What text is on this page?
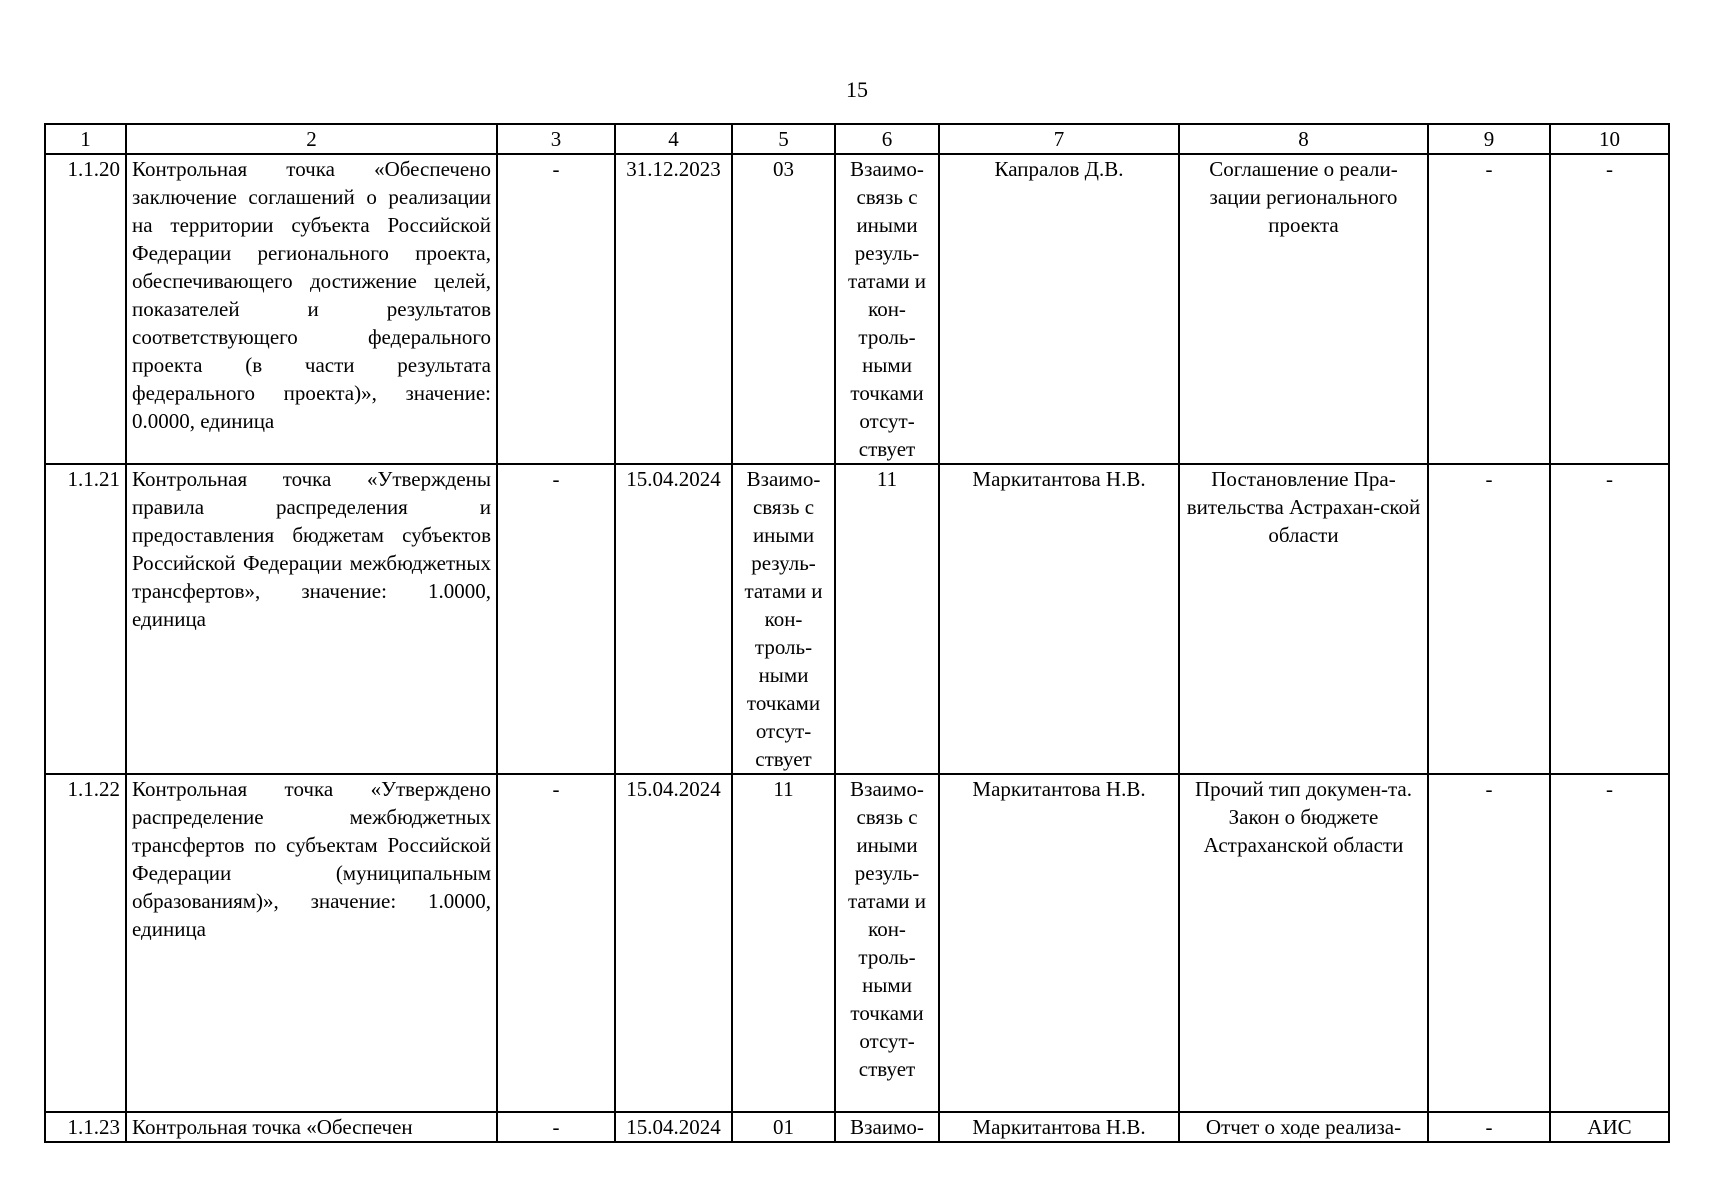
15
1	2	3	4	5	6	7	8	9	10
1.1.20	Контрольная точка «Обеспечено заключение соглашений о реализации на территории субъекта Российской Федерации регионального проекта, обеспечивающего достижение целей, показателей и результатов соответствующего федерального проекта (в части результата федерального проекта)», значение: 0.0000, единица	-	31.12.2023	03	Взаимо-связь с иными резуль-татами и кон-троль-ными точками отсут-ствует	Капралов Д.В.	Соглашение о реали-зации регионального проекта	-	-
1.1.21	Контрольная точка «Утверждены правила распределения и предоставления бюджетам субъектов Российской Федерации межбюджетных трансфертов», значение: 1.0000, единица	-	15.04.2024	Взаимо-связь с иными резуль-татами и кон-троль-ными точками отсут-ствует	11	Маркитантова Н.В.	Постановление Пра-вительства Астрахан-ской области	-	-
1.1.22	Контрольная точка «Утверждено распределение межбюджетных трансфертов по субъектам Российской Федерации (муниципальным образованиям)», значение: 1.0000, единица	-	15.04.2024	11	Взаимо-связь с иными резуль-татами и кон-троль-ными точками отсут-ствует	Маркитантова Н.В.	Прочий тип докумен-та. Закон о бюджете Астраханской области	-	-
1.1.23	Контрольная точка «Обеспечен	-	15.04.2024	01	Взаимо-	Маркитантова Н.В.	Отчет о ходе реализа-	-	АИС
